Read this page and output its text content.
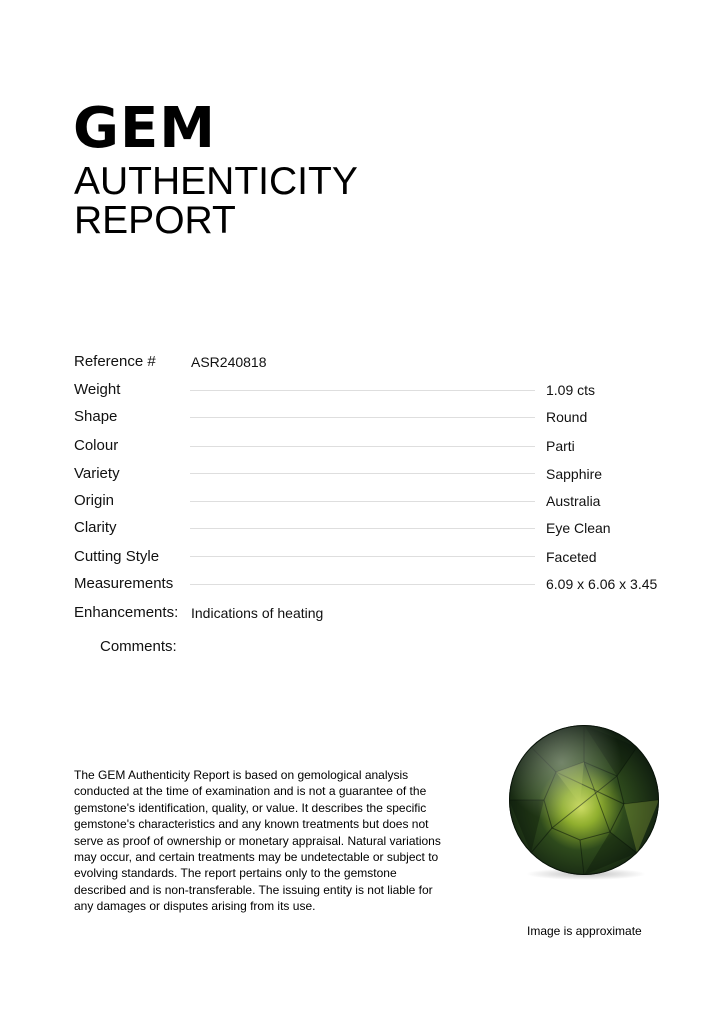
GEM
AUTHENTICITY
REPORT
Reference #	ASR240818
Weight	1.09 cts
Shape	Round
Colour	Parti
Variety	Sapphire
Origin	Australia
Clarity	Eye Clean
Cutting Style	Faceted
Measurements	6.09 x 6.06 x 3.45
Enhancements: Indications of heating
Comments:
The GEM Authenticity Report is based on gemological analysis conducted at the time of examination and is not a guarantee of the gemstone's identification, quality, or value. It describes the specific gemstone's characteristics and any known treatments but does not serve as proof of ownership or monetary appraisal. Natural variations may occur, and certain treatments may be undetectable or subject to evolving standards. The report pertains only to the gemstone described and is non-transferable. The issuing entity is not liable for any damages or disputes arising from its use.
Image is approximate
